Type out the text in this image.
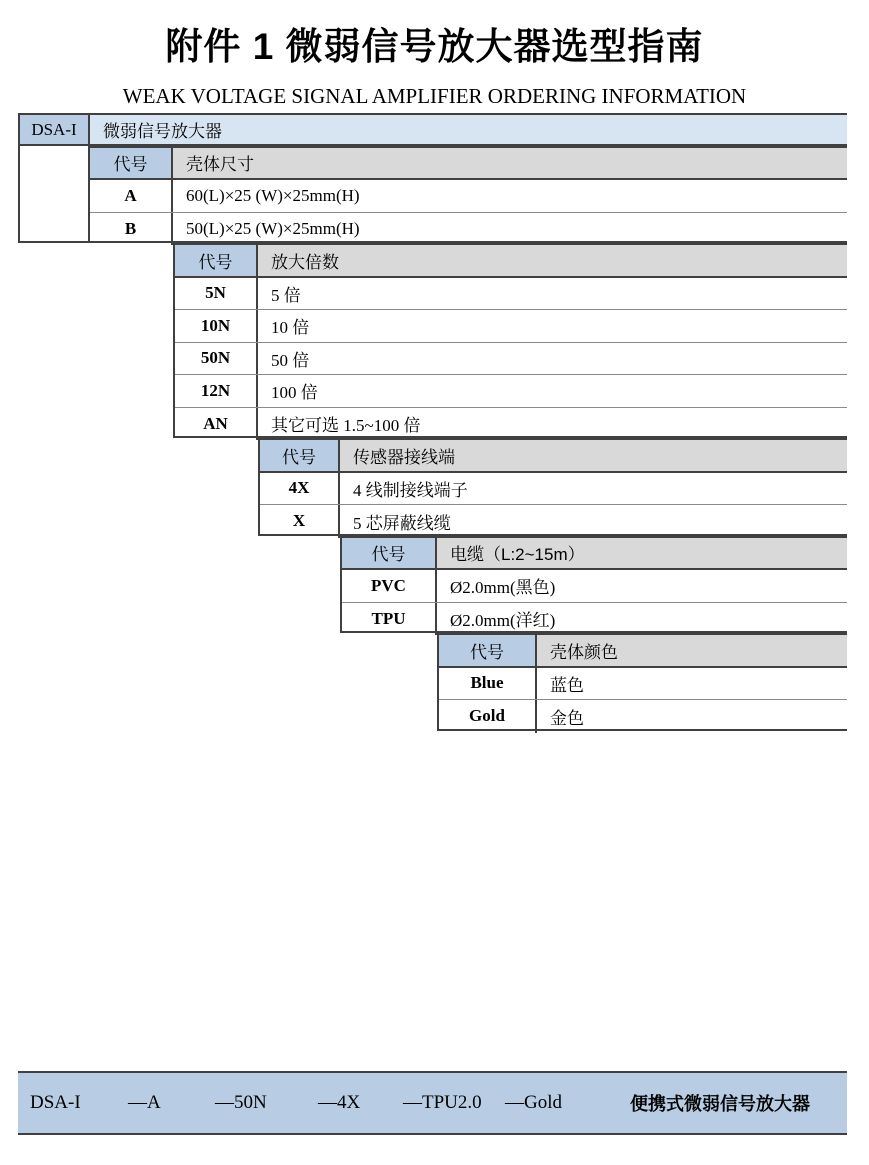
附件 1 微弱信号放大器选型指南
WEAK VOLTAGE SIGNAL AMPLIFIER ORDERING INFORMATION
DSA-I	微弱信号放大器
代号	壳体尺寸
A	60(L)×25 (W)×25mm(H)
B	50(L)×25 (W)×25mm(H)
代号	放大倍数
5N	5 倍
10N	10 倍
50N	50 倍
12N	100 倍
AN	其它可选 1.5~100 倍
代号	传感器接线端
4X	4 线制接线端子
X	5 芯屏蔽线缆
代号	电缆（L:2~15m）
PVC	Ø2.0mm(黑色)
TPU	Ø2.0mm(洋红)
代号	壳体颜色
Blue	蓝色
Gold	金色
DSA-I —A	—50N	—4X —TPU2.0 —Gold	便携式微弱信号放大器
